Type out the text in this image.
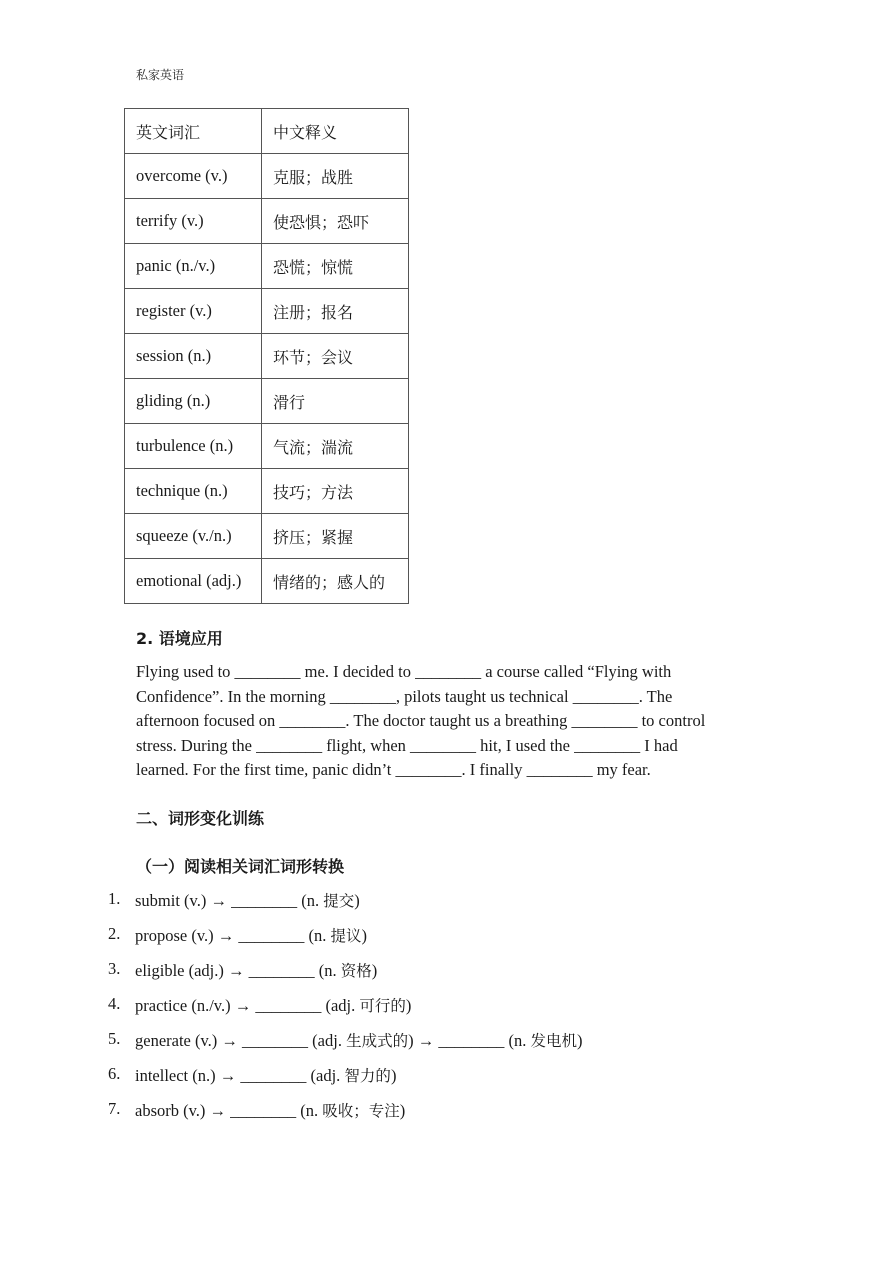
私家英语
英文词汇	中文释义
overcome (v.)	克服；战胜
terrify (v.)	使恐惧；恐吓
panic (n./v.)	恐慌；惊慌
register (v.)	注册；报名
session (n.)	环节；会议
gliding (n.)	滑行
turbulence (n.)	气流；湍流
technique (n.)	技巧；方法
squeeze (v./n.)	挤压；紧握
emotional (adj.)	情绪的；感人的
2. 语境应用
Flying used to ________ me. I decided to ________ a course called “Flying with
Confidence”. In the morning ________, pilots taught us technical ________. The
afternoon focused on ________. The doctor taught us a breathing ________ to control
stress. During the ________ flight, when ________ hit, I used the ________ I had
learned. For the first time, panic didn’t ________. I finally ________ my fear.
二、词形变化训练
（一）阅读相关词汇词形转换
1. submit (v.) → ________ (n. 提交)
2. propose (v.) → ________ (n. 提议)
3. eligible (adj.) → ________ (n. 资格)
4. practice (n./v.) → ________ (adj. 可行的)
5. generate (v.) → ________ (adj. 生成式的) → ________ (n. 发电机)
6. intellect (n.) → ________ (adj. 智力的)
7. absorb (v.) → ________ (n. 吸收；专注)
